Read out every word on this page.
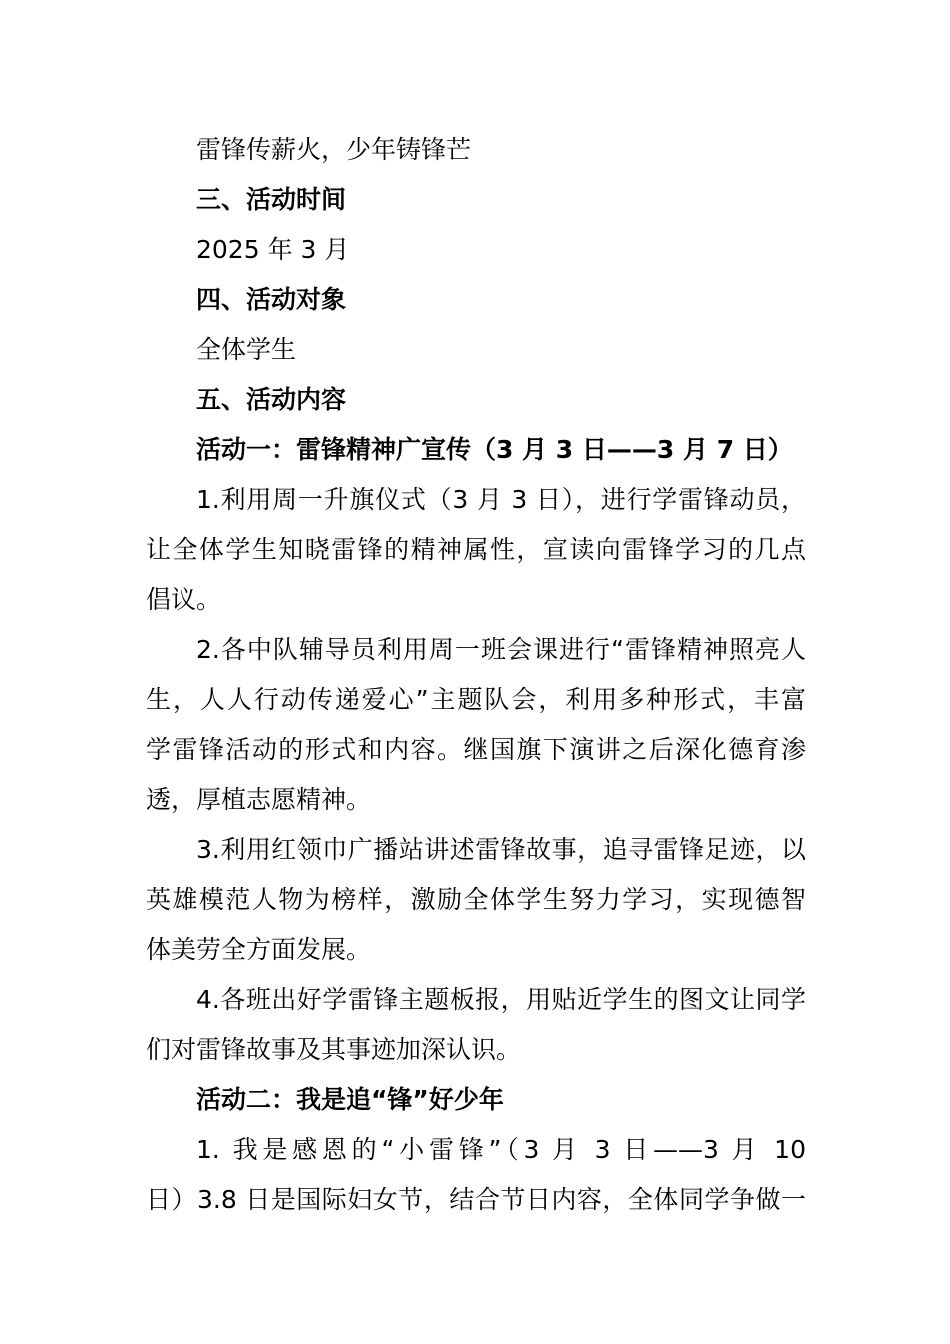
雷锋传薪火，少年铸锋芒
三、活动时间
2025 年 3 月
四、活动对象
全体学生
五、活动内容
活动一：雷锋精神广宣传（3 月 3 日——3 月 7 日）
1.利用周一升旗仪式（3 月 3 日），进行学雷锋动员，
让全体学生知晓雷锋的精神属性，宣读向雷锋学习的几点
倡议。
2.各中队辅导员利用周一班会课进行“雷锋精神照亮人
生，人人行动传递爱心”主题队会，利用多种形式，丰富
学雷锋活动的形式和内容。继国旗下演讲之后深化德育渗
透，厚植志愿精神。
3.利用红领巾广播站讲述雷锋故事，追寻雷锋足迹，以
英雄模范人物为榜样，激励全体学生努力学习，实现德智
体美劳全方面发展。
4.各班出好学雷锋主题板报，用贴近学生的图文让同学
们对雷锋故事及其事迹加深认识。
活动二：我是追“锋”好少年
1. 我是感恩的“小雷锋”（3 月 3 日——3 月 10
日）3.8 日是国际妇女节，结合节日内容，全体同学争做一
